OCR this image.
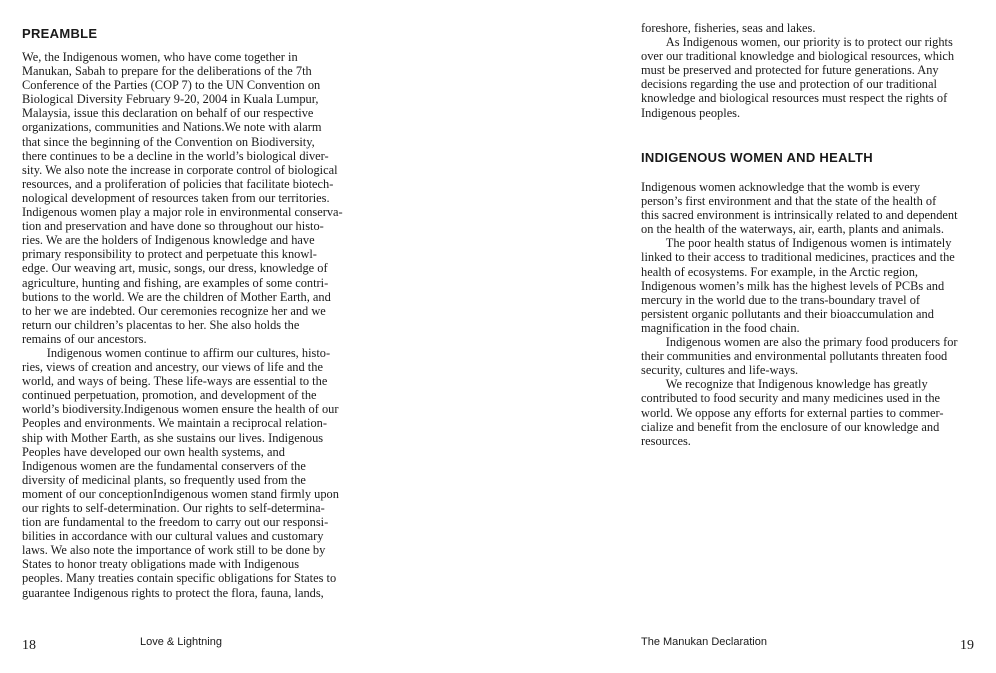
PREAMBLE
We, the Indigenous women, who have come together in
Manukan, Sabah to prepare for the deliberations of the 7th
Conference of the Parties (COP 7) to the UN Convention on
Biological Diversity February 9-20, 2004 in Kuala Lumpur,
Malaysia, issue this declaration on behalf of our respective
organizations, communities and Nations.We note with alarm
that since the beginning of the Convention on Biodiversity,
there continues to be a decline in the world’s biological diver-
sity. We also note the increase in corporate control of biological
resources, and a proliferation of policies that facilitate biotech-
nological development of resources taken from our territories.
Indigenous women play a major role in environmental conserva-
tion and preservation and have done so throughout our histo-
ries. We are the holders of Indigenous knowledge and have
primary responsibility to protect and perpetuate this knowl-
edge. Our weaving art, music, songs, our dress, knowledge of
agriculture, hunting and fishing, are examples of some contri-
butions to the world. We are the children of Mother Earth, and
to her we are indebted. Our ceremonies recognize her and we
return our children’s placentas to her. She also holds the
remains of our ancestors.
  Indigenous women continue to affirm our cultures, histo-
ries, views of creation and ancestry, our views of life and the
world, and ways of being. These life-ways are essential to the
continued perpetuation, promotion, and development of the
world’s biodiversity.Indigenous women ensure the health of our
Peoples and environments. We maintain a reciprocal relation-
ship with Mother Earth, as she sustains our lives. Indigenous
Peoples have developed our own health systems, and
Indigenous women are the fundamental conservers of the
diversity of medicinal plants, so frequently used from the
moment of our conceptionIndigenous women stand firmly upon
our rights to self-determination. Our rights to self-determina-
tion are fundamental to the freedom to carry out our responsi-
bilities in accordance with our cultural values and customary
laws. We also note the importance of work still to be done by
States to honor treaty obligations made with Indigenous
peoples. Many treaties contain specific obligations for States to
guarantee Indigenous rights to protect the flora, fauna, lands,
18	Love & Lightning
foreshore, fisheries, seas and lakes.
  As Indigenous women, our priority is to protect our rights
over our traditional knowledge and biological resources, which
must be preserved and protected for future generations. Any
decisions regarding the use and protection of our traditional
knowledge and biological resources must respect the rights of
Indigenous peoples.
INDIGENOUS WOMEN AND HEALTH
Indigenous women acknowledge that the womb is every
person’s first environment and that the state of the health of
this sacred environment is intrinsically related to and dependent
on the health of the waterways, air, earth, plants and animals.
  The poor health status of Indigenous women is intimately
linked to their access to traditional medicines, practices and the
health of ecosystems. For example, in the Arctic region,
Indigenous women’s milk has the highest levels of PCBs and
mercury in the world due to the trans-boundary travel of
persistent organic pollutants and their bioaccumulation and
magnification in the food chain.
  Indigenous women are also the primary food producers for
their communities and environmental pollutants threaten food
security, cultures and life-ways.
  We recognize that Indigenous knowledge has greatly
contributed to food security and many medicines used in the
world. We oppose any efforts for external parties to commer-
cialize and benefit from the enclosure of our knowledge and
resources.
The Manukan Declaration	19
